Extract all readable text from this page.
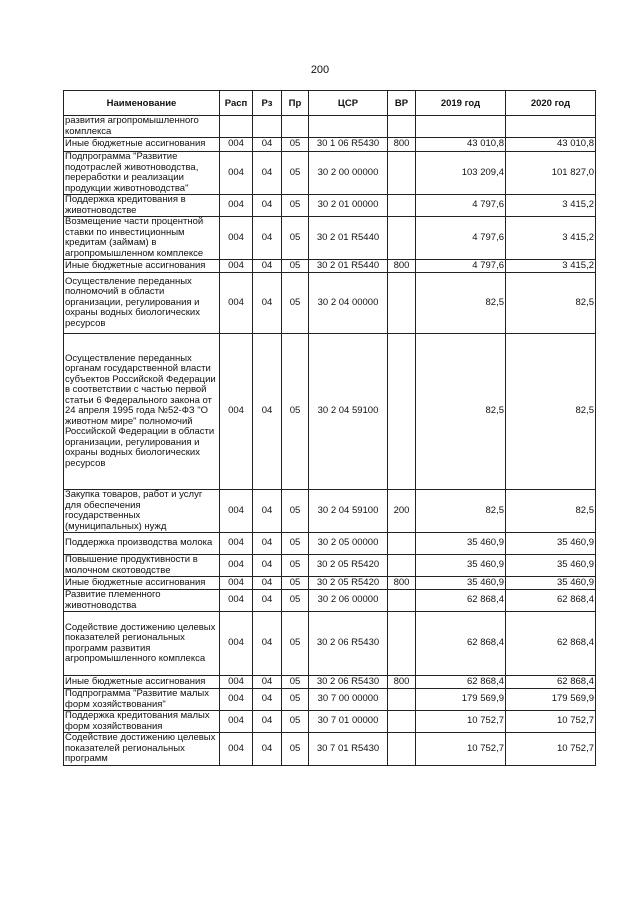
200
Наименование	Расп	Рз	Пр	ЦСР	ВР	2019 год	2020 год
развития агропромышленного комплекса							
Иные бюджетные ассигнования	004	04	05	30 1 06 R5430	800	43 010,8	43 010,8
Подпрограмма "Развитие подотраслей животноводства, переработки и реализации продукции животноводства"	004	04	05	30 2 00 00000		103 209,4	101 827,0
Поддержка кредитования в животноводстве	004	04	05	30 2 01 00000		4 797,6	3 415,2
Возмещение части процентной ставки по инвестиционным кредитам (займам) в агропромышленном комплексе	004	04	05	30 2 01 R5440		4 797,6	3 415,2
Иные бюджетные ассигнования	004	04	05	30 2 01 R5440	800	4 797,6	3 415,2
Осуществление переданных полномочий в области организации, регулирования и охраны водных биологических ресурсов	004	04	05	30 2 04 00000		82,5	82,5
Осуществление переданных органам государственной власти субъектов Российской Федерации в соответствии с частью первой статьи 6 Федерального закона от 24 апреля 1995 года №52-ФЗ "О животном мире" полномочий Российской Федерации в области организации, регулирования и охраны водных биологических ресурсов	004	04	05	30 2 04 59100		82,5	82,5
Закупка товаров, работ и услуг для обеспечения государственных (муниципальных) нужд	004	04	05	30 2 04 59100	200	82,5	82,5
Поддержка производства молока	004	04	05	30 2 05 00000		35 460,9	35 460,9
Повышение продуктивности в молочном скотоводстве	004	04	05	30 2 05 R5420		35 460,9	35 460,9
Иные бюджетные ассигнования	004	04	05	30 2 05 R5420	800	35 460,9	35 460,9
Развитие племенного животноводства	004	04	05	30 2 06 00000		62 868,4	62 868,4
Содействие достижению целевых показателей региональных программ развития агропромышленного комплекса	004	04	05	30 2 06 R5430		62 868,4	62 868,4
Иные бюджетные ассигнования	004	04	05	30 2 06 R5430	800	62 868,4	62 868,4
Подпрограмма "Развитие малых форм хозяйствования"	004	04	05	30 7 00 00000		179 569,9	179 569,9
Поддержка кредитования малых форм хозяйствования	004	04	05	30 7 01 00000		10 752,7	10 752,7
Содействие достижению целевых показателей региональных программ	004	04	05	30 7 01 R5430		10 752,7	10 752,7
